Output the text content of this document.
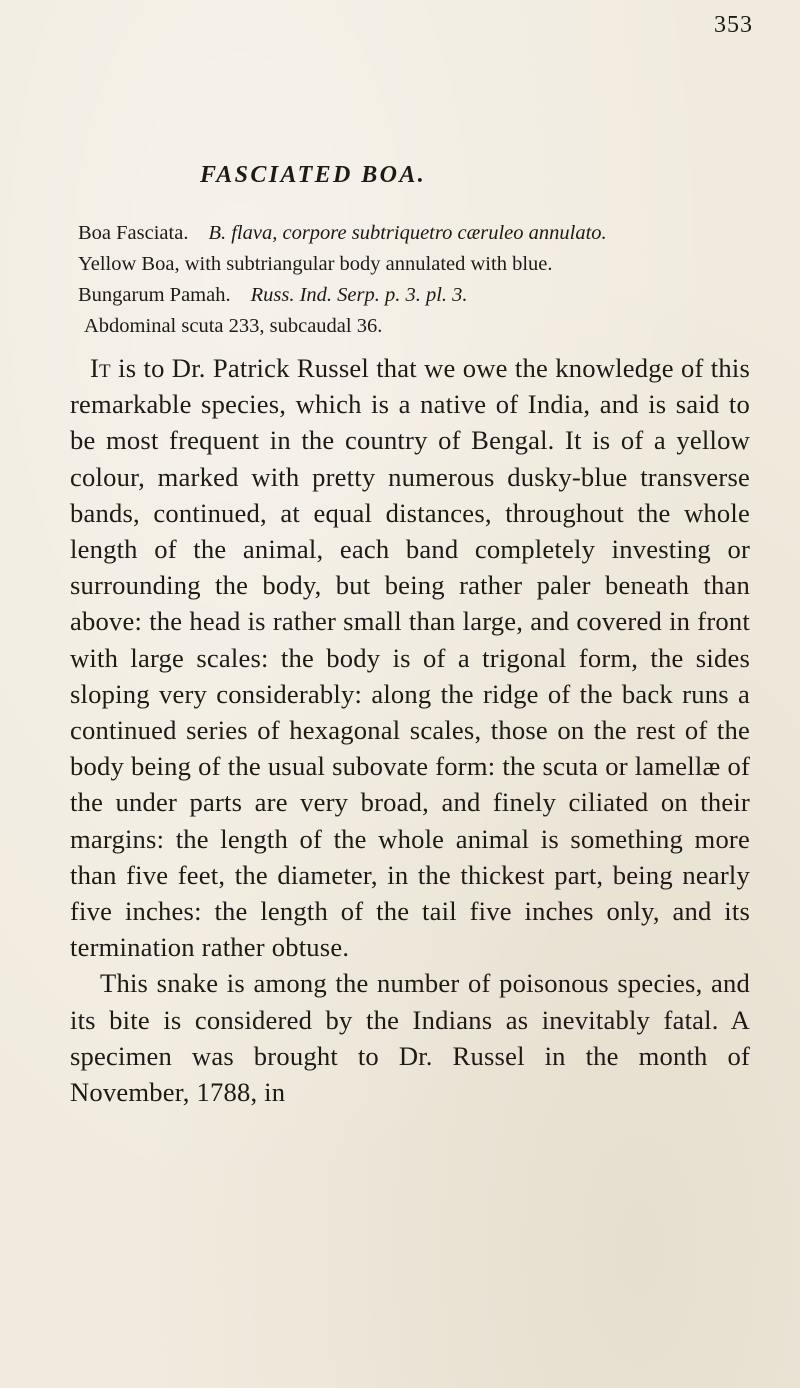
353
FASCIATED BOA.
Boa Fasciata. B. flava, corpore subtriquetro cæruleo annulato.
Yellow Boa, with subtriangular body annulated with blue.
Bungarum Pamah. Russ. Ind. Serp. p. 3. pl. 3.
Abdominal scuta 233, subcaudal 36.

It is to Dr. Patrick Russel that we owe the knowledge of this remarkable species, which is a native of India, and is said to be most frequent in the country of Bengal. It is of a yellow colour, marked with pretty numerous dusky-blue transverse bands, continued, at equal distances, throughout the whole length of the animal, each band completely investing or surrounding the body, but being rather paler beneath than above: the head is rather small than large, and covered in front with large scales: the body is of a trigonal form, the sides sloping very considerably: along the ridge of the back runs a continued series of hexagonal scales, those on the rest of the body being of the usual subovate form: the scuta or lamellæ of the under parts are very broad, and finely ciliated on their margins: the length of the whole animal is something more than five feet, the diameter, in the thickest part, being nearly five inches: the length of the tail five inches only, and its termination rather obtuse.

This snake is among the number of poisonous species, and its bite is considered by the Indians as inevitably fatal. A specimen was brought to Dr. Russel in the month of November, 1788, in
